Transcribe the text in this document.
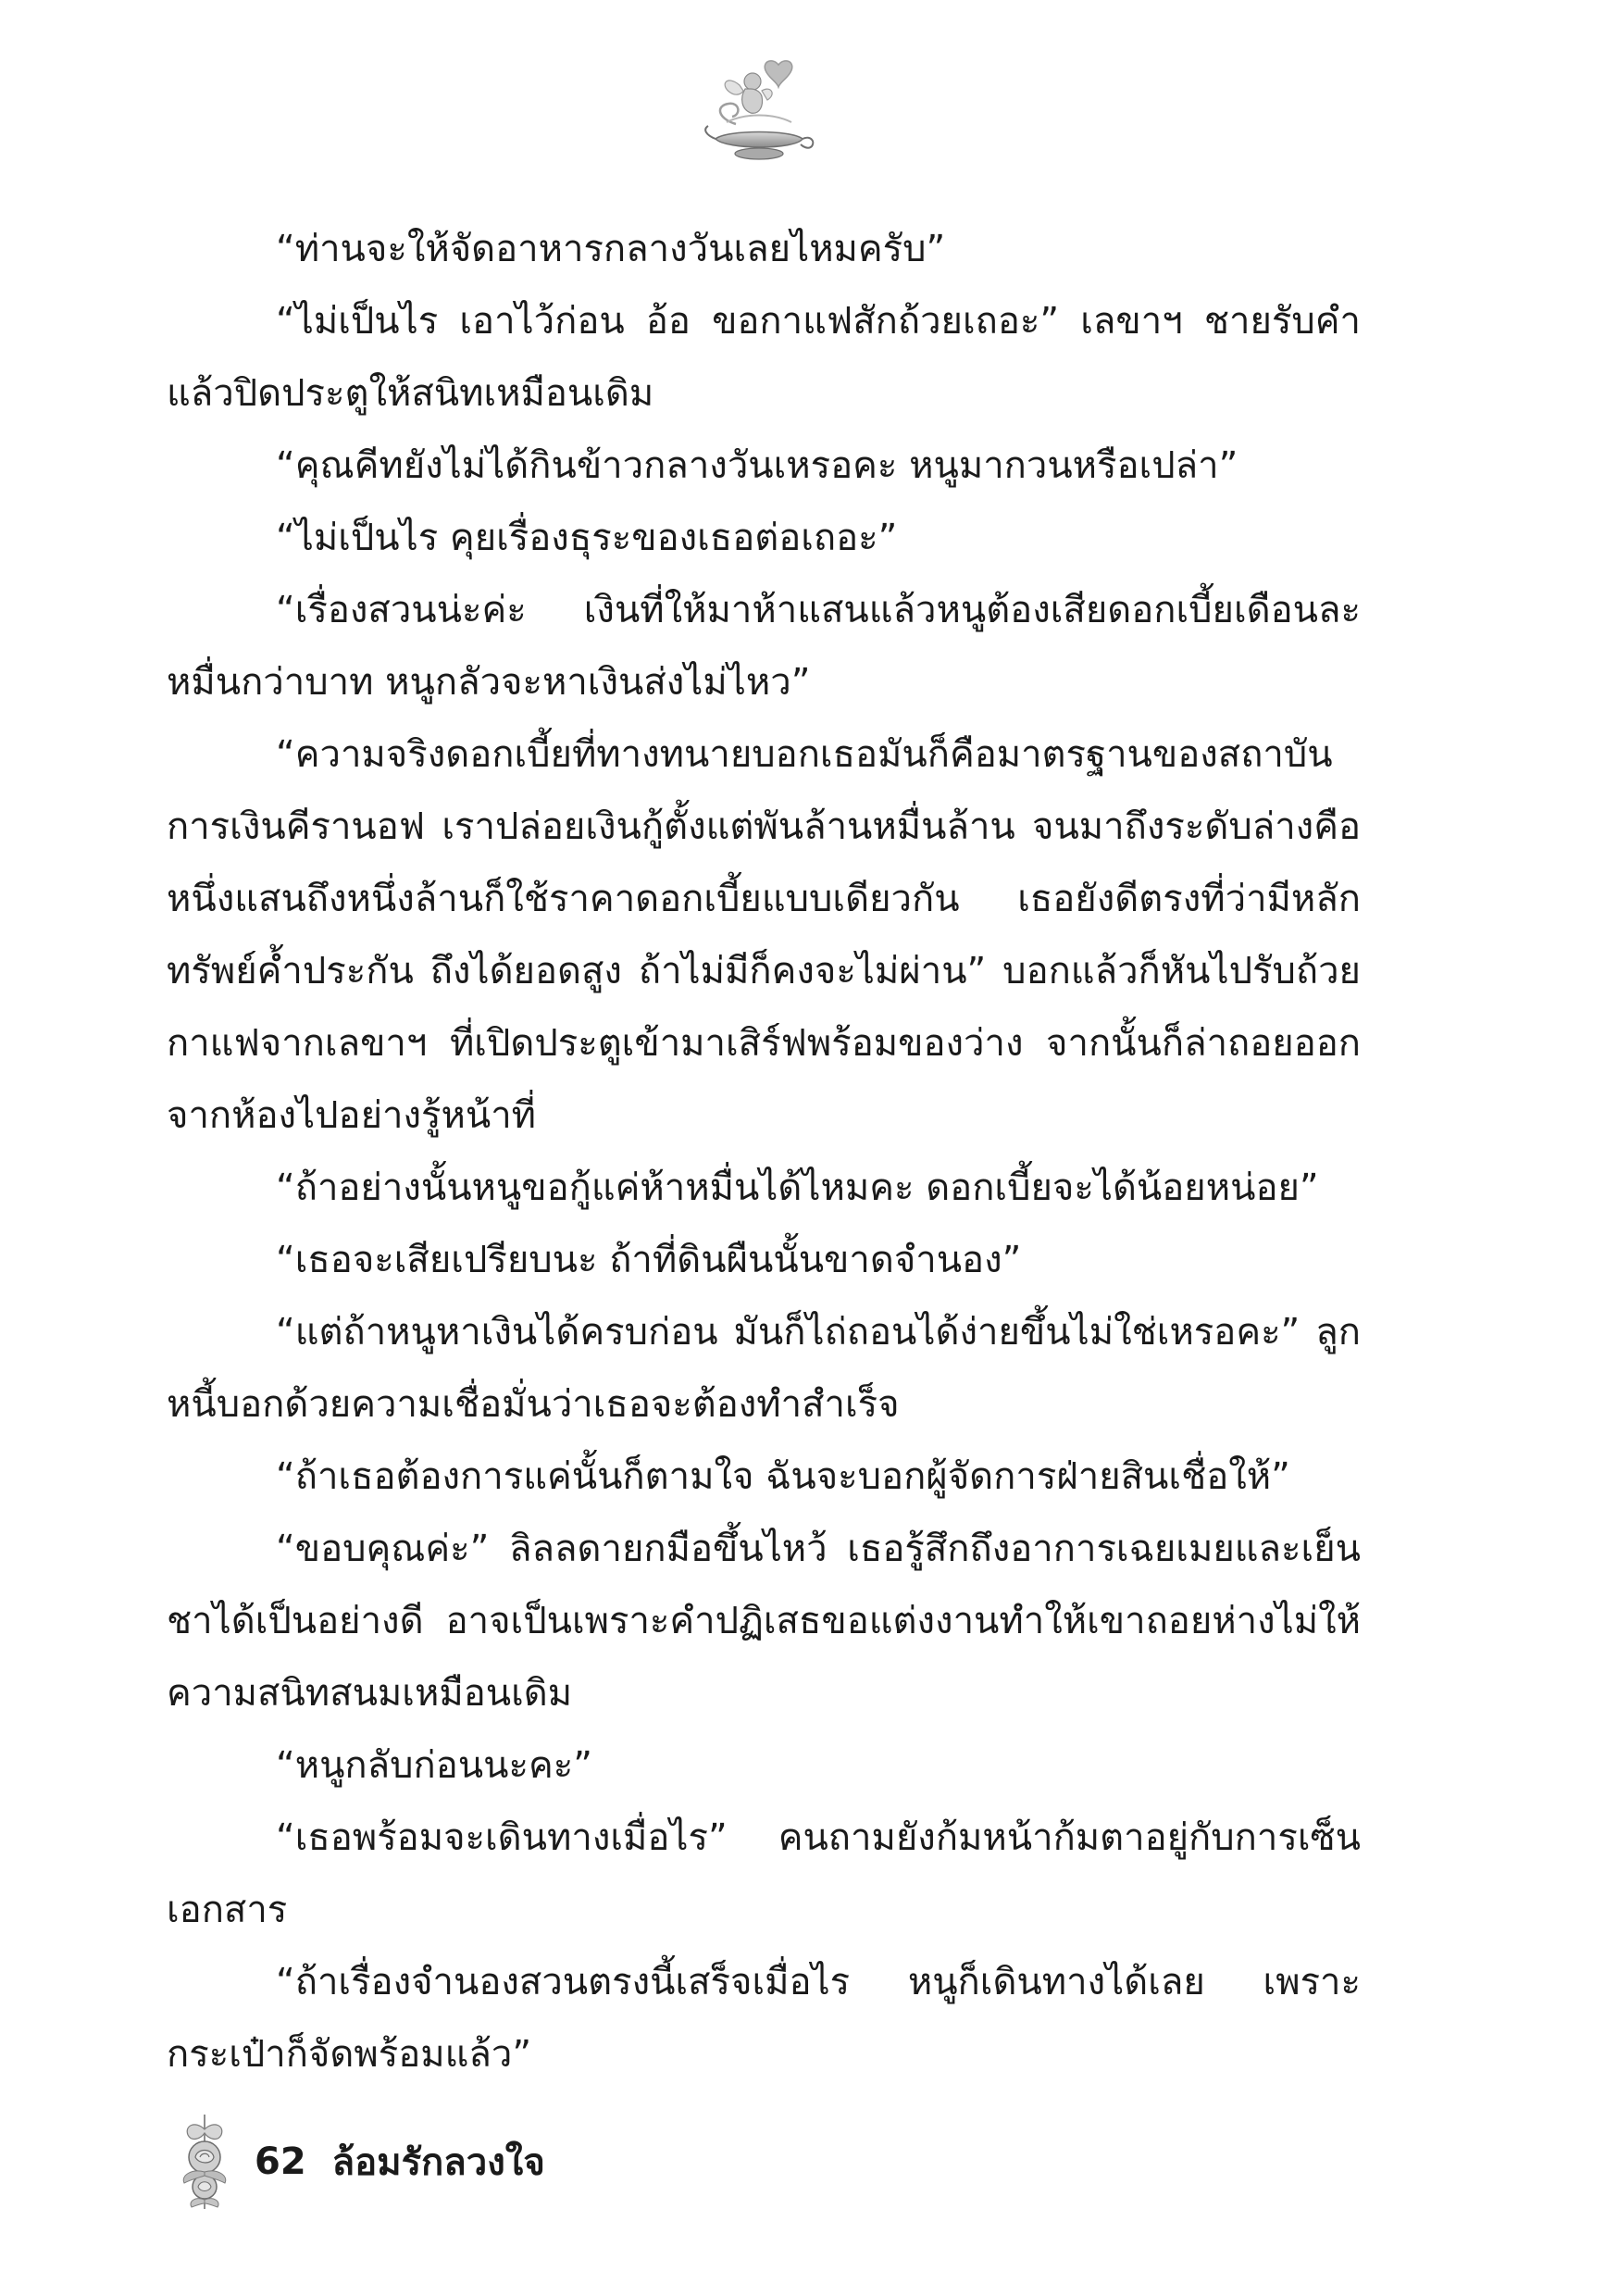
“ท่านจะให้จัดอาหารกลางวันเลยไหมครับ”

“ไม่เป็นไร เอาไว้ก่อน อ้อ ขอกาแฟสักถ้วยเถอะ” เลขาฯ ชายรับคำแล้วปิดประตูให้สนิทเหมือนเดิม

“คุณคีทยังไม่ได้กินข้าวกลางวันเหรอคะ หนูมากวนหรือเปล่า”

“ไม่เป็นไร คุยเรื่องธุระของเธอต่อเถอะ”

“เรื่องสวนน่ะค่ะ เงินที่ให้มาห้าแสนแล้วหนูต้องเสียดอกเบี้ยเดือนละหมื่นกว่าบาท หนูกลัวจะหาเงินส่งไม่ไหว”

“ความจริงดอกเบี้ยที่ทางทนายบอกเธอมันก็คือมาตรฐานของสถาบันการเงินคีรานอฟ เราปล่อยเงินกู้ตั้งแต่พันล้านหมื่นล้าน จนมาถึงระดับล่างคือหนึ่งแสนถึงหนึ่งล้านก็ใช้ราคาดอกเบี้ยแบบเดียวกัน เธอยังดีตรงที่ว่ามีหลักทรัพย์ค้ำประกัน ถึงได้ยอดสูง ถ้าไม่มีก็คงจะไม่ผ่าน” บอกแล้วก็หันไปรับถ้วยกาแฟจากเลขาฯ ที่เปิดประตูเข้ามาเสิร์ฟพร้อมของว่าง จากนั้นก็ล่าถอยออกจากห้องไปอย่างรู้หน้าที่

“ถ้าอย่างนั้นหนูขอกู้แค่ห้าหมื่นได้ไหมคะ ดอกเบี้ยจะได้น้อยหน่อย”

“เธอจะเสียเปรียบนะ ถ้าที่ดินผืนนั้นขาดจำนอง”

“แต่ถ้าหนูหาเงินได้ครบก่อน มันก็ไถ่ถอนได้ง่ายขึ้นไม่ใช่เหรอคะ” ลูกหนี้บอกด้วยความเชื่อมั่นว่าเธอจะต้องทำสำเร็จ

“ถ้าเธอต้องการแค่นั้นก็ตามใจ ฉันจะบอกผู้จัดการฝ่ายสินเชื่อให้”

“ขอบคุณค่ะ” ลิลลดายกมือขึ้นไหว้ เธอรู้สึกถึงอาการเฉยเมยและเย็นชาได้เป็นอย่างดี อาจเป็นเพราะคำปฏิเสธขอแต่งงานทำให้เขาถอยห่างไม่ให้ความสนิทสนมเหมือนเดิม

“หนูกลับก่อนนะคะ”

“เธอพร้อมจะเดินทางเมื่อไร” คนถามยังก้มหน้าก้มตาอยู่กับการเซ็นเอกสาร

“ถ้าเรื่องจำนองสวนตรงนี้เสร็จเมื่อไร หนูก็เดินทางได้เลย เพราะกระเป๋าก็จัดพร้อมแล้ว”

62 ล้อมรักลวงใจ
